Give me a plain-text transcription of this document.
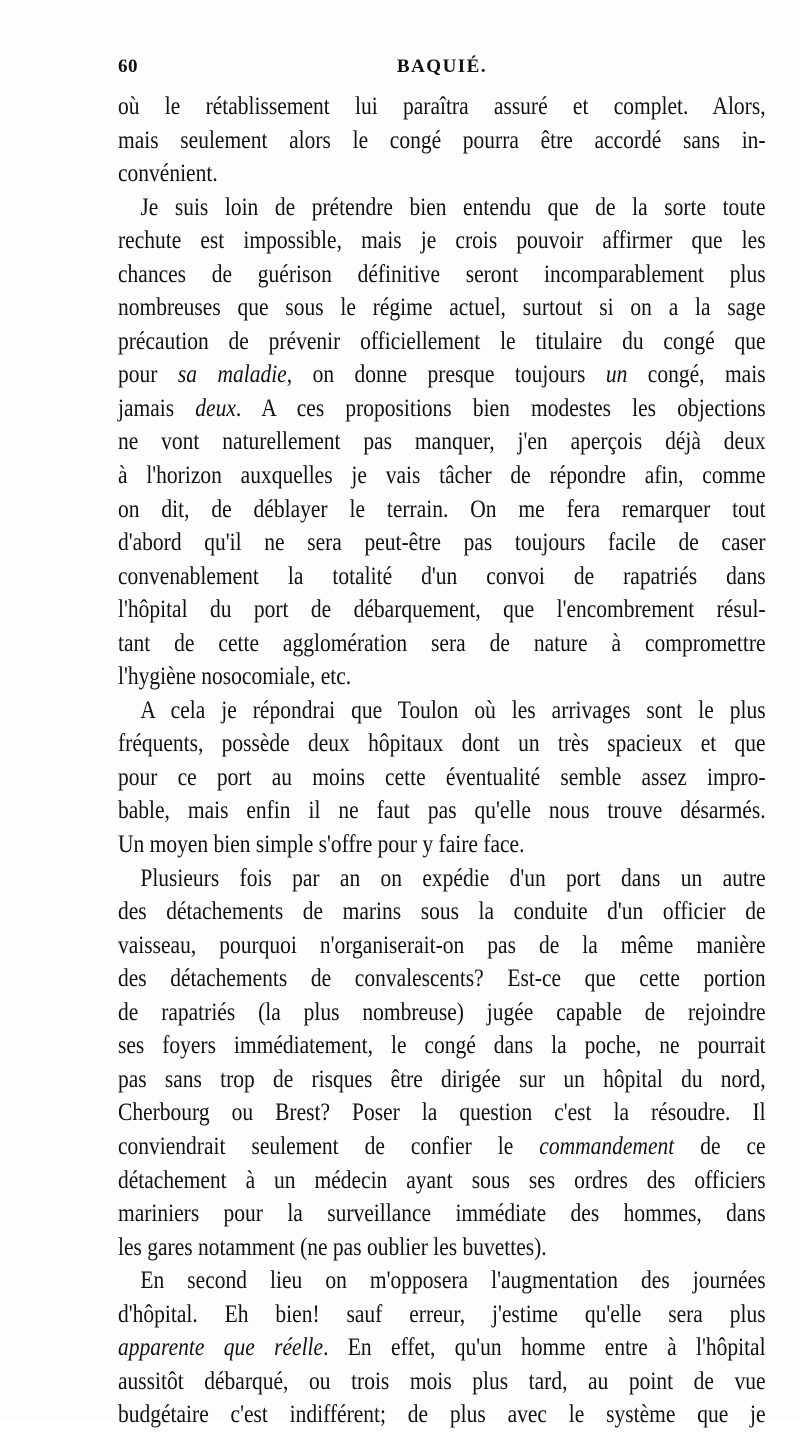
60	BAQUIÉ.
où le rétablissement lui paraîtra assuré et complet. Alors,
mais seulement alors le congé pourra être accordé sans in-
convénient.
Je suis loin de prétendre bien entendu que de la sorte toute
rechute est impossible, mais je crois pouvoir affirmer que les
chances de guérison définitive seront incomparablement plus
nombreuses que sous le régime actuel, surtout si on a la sage
précaution de prévenir officiellement le titulaire du congé que
pour sa maladie, on donne presque toujours un congé, mais
jamais deux. A ces propositions bien modestes les objections
ne vont naturellement pas manquer, j'en aperçois déjà deux
à l'horizon auxquelles je vais tâcher de répondre afin, comme
on dit, de déblayer le terrain. On me fera remarquer tout
d'abord qu'il ne sera peut-être pas toujours facile de caser
convenablement la totalité d'un convoi de rapatriés dans
l'hôpital du port de débarquement, que l'encombrement résul-
tant de cette agglomération sera de nature à compromettre
l'hygiène nosocomiale, etc.
A cela je répondrai que Toulon où les arrivages sont le plus
fréquents, possède deux hôpitaux dont un très spacieux et que
pour ce port au moins cette éventualité semble assez impro-
bable, mais enfin il ne faut pas qu'elle nous trouve désarmés.
Un moyen bien simple s'offre pour y faire face.
Plusieurs fois par an on expédie d'un port dans un autre
des détachements de marins sous la conduite d'un officier de
vaisseau, pourquoi n'organiserait-on pas de la même manière
des détachements de convalescents? Est-ce que cette portion
de rapatriés (la plus nombreuse) jugée capable de rejoindre
ses foyers immédiatement, le congé dans la poche, ne pourrait
pas sans trop de risques être dirigée sur un hôpital du nord,
Cherbourg ou Brest? Poser la question c'est la résoudre. Il
conviendrait seulement de confier le commandement de ce
détachement à un médecin ayant sous ses ordres des officiers
mariniers pour la surveillance immédiate des hommes, dans
les gares notamment (ne pas oublier les buvettes).
En second lieu on m'opposera l'augmentation des journées
d'hôpital. Eh bien! sauf erreur, j'estime qu'elle sera plus
apparente que réelle. En effet, qu'un homme entre à l'hôpital
aussitôt débarqué, ou trois mois plus tard, au point de vue
budgétaire c'est indifférent; de plus avec le système que je
